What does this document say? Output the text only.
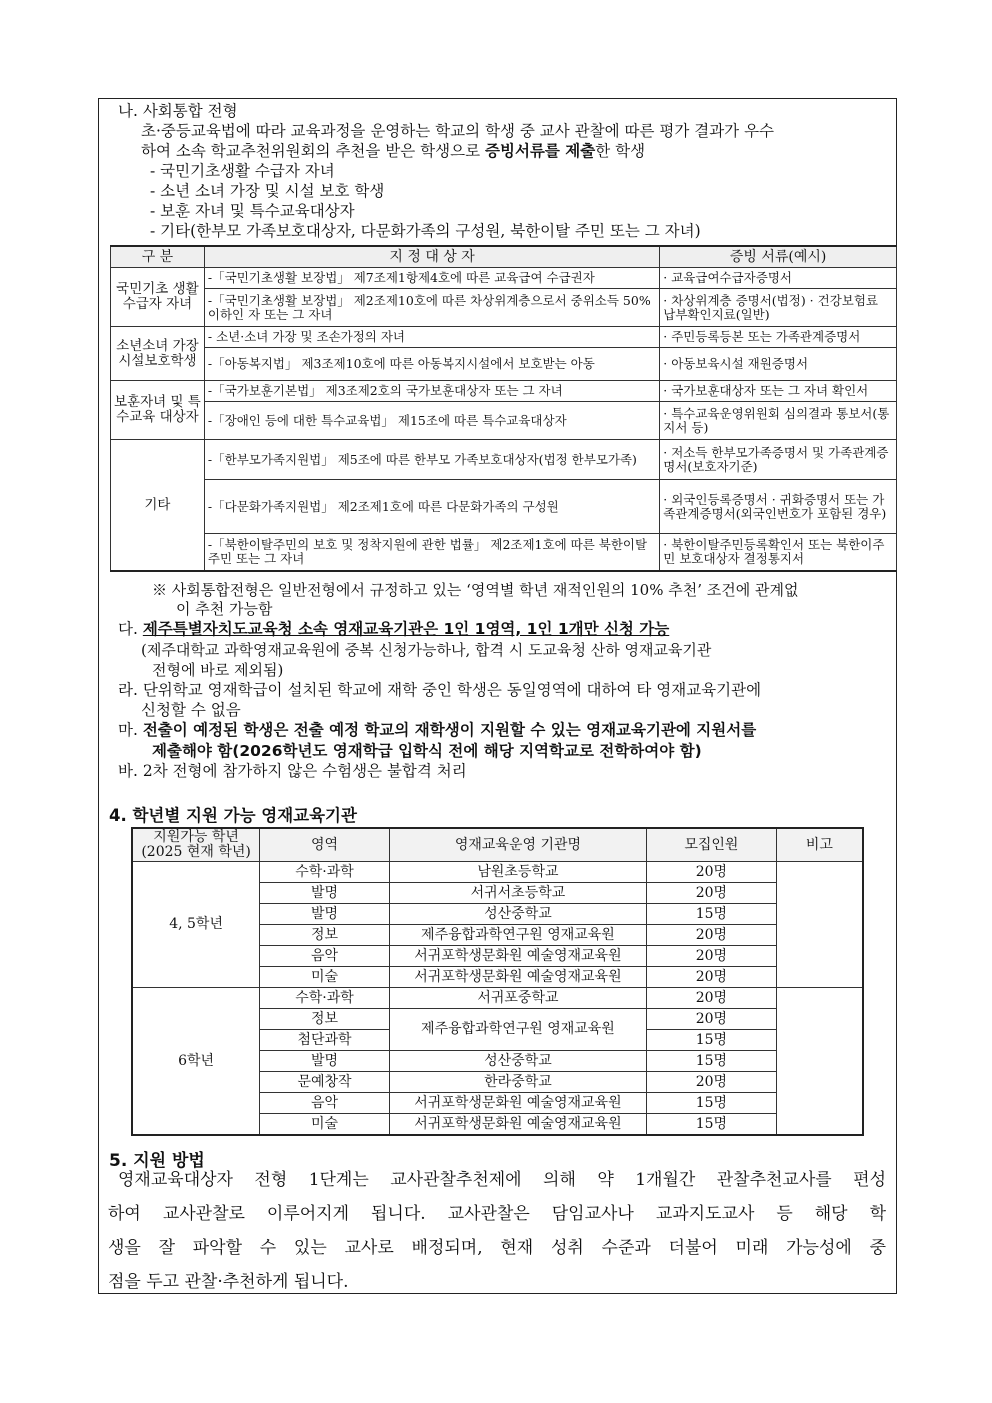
나. 사회통합 전형
초·중등교육법에 따라 교육과정을 운영하는 학교의 학생 중 교사 관찰에 따른 평가 결과가 우수
하여 소속 학교추천위원회의 추천을 받은 학생으로 증빙서류를 제출한 학생
- 국민기초생활 수급자 자녀
- 소년 소녀 가장 및 시설 보호 학생
- 보훈 자녀 및 특수교육대상자
- 기타(한부모 가족보호대상자, 다문화가족의 구성원, 북한이탈 주민 또는 그 자녀)
구 분	지 정 대 상 자	증빙 서류(예시)
국민기초 생활 수급자 자녀	-「국민기초생활 보장법」 제7조제1항제4호에 따른 교육급여 수급권자	· 교육급여수급자증명서
	-「국민기초생활 보장법」 제2조제10호에 따른 차상위계층으로서 중위소득 50%이하인 자 또는 그 자녀	· 차상위계층 증명서(법정) · 건강보험료 납부확인지료(일반)
소년소녀 가장 시설보호학생	- 소년·소녀 가장 및 조손가정의 자녀	· 주민등록등본 또는 가족관계증명서
	-「아동복지법」 제3조제10호에 따른 아동복지시설에서 보호받는 아동	· 아동보육시설 재원증명서
보훈자녀 및 특수교육 대상자	-「국가보훈기본법」 제3조제2호의 국가보훈대상자 또는 그 자녀	· 국가보훈대상자 또는 그 자녀 확인서
	-「장애인 등에 대한 특수교육법」 제15조에 따른 특수교육대상자	· 특수교육운영위원회 심의결과 통보서(통지서 등)
기타	-「한부모가족지원법」 제5조에 따른 한부모 가족보호대상자(법정 한부모가족)	· 저소득 한부모가족증명서 및 가족관계증명서(보호자기준)
	-「다문화가족지원법」 제2조제1호에 따른 다문화가족의 구성원	· 외국인등록증명서 · 귀화증명서 또는 가족관계증명서(외국인번호가 포함된 경우)
	-「북한이탈주민의 보호 및 정착지원에 관한 법률」 제2조제1호에 따른 북한이탈 주민 또는 그 자녀	· 북한이탈주민등록확인서 또는 북한이주민 보호대상자 결정통지서
※ 사회통합전형은 일반전형에서 규정하고 있는 ‘영역별 학년 재적인원의 10% 추천’ 조건에 관계없
이 추천 가능함
다. 제주특별자치도교육청 소속 영재교육기관은 1인 1영역, 1인 1개만 신청 가능
(제주대학교 과학영재교육원에 중복 신청가능하나, 합격 시 도교육청 산하 영재교육기관
전형에 바로 제외됨)
라. 단위학교 영재학급이 설치된 학교에 재학 중인 학생은 동일영역에 대하여 타 영재교육기관에
신청할 수 없음
마. 전출이 예정된 학생은 전출 예정 학교의 재학생이 지원할 수 있는 영재교육기관에 지원서를
제출해야 함(2026학년도 영재학급 입학식 전에 해당 지역학교로 전학하여야 함)
바. 2차 전형에 참가하지 않은 수험생은 불합격 처리
4. 학년별 지원 가능 영재교육기관
지원가능 학년 (2025 현재 학년)	영역	영재교육운영 기관명	모집인원	비고
4, 5학년	수학·과학	남원초등학교	20명	
	발명	서귀서초등학교	20명	
	발명	성산중학교	15명	
	정보	제주융합과학연구원 영재교육원	20명	
	음악	서귀포학생문화원 예술영재교육원	20명	
	미술	서귀포학생문화원 예술영재교육원	20명	
6학년	수학·과학	서귀포중학교	20명	
	정보	제주융합과학연구원 영재교육원	20명	
	첨단과학		15명	
	발명	성산중학교	15명	
	문예창작	한라중학교	20명	
	음악	서귀포학생문화원 예술영재교육원	15명	
	미술	서귀포학생문화원 예술영재교육원	15명	
5. 지원 방법
영재교육대상자 전형 1단계는 교사관찰추천제에 의해 약 1개월간 관찰추천교사를 편성
하여 교사관찰로 이루어지게 됩니다. 교사관찰은 담임교사나 교과지도교사 등 해당 학
생을 잘 파악할 수 있는 교사로 배정되며, 현재 성취 수준과 더불어 미래 가능성에 중
점을 두고 관찰·추천하게 됩니다.
